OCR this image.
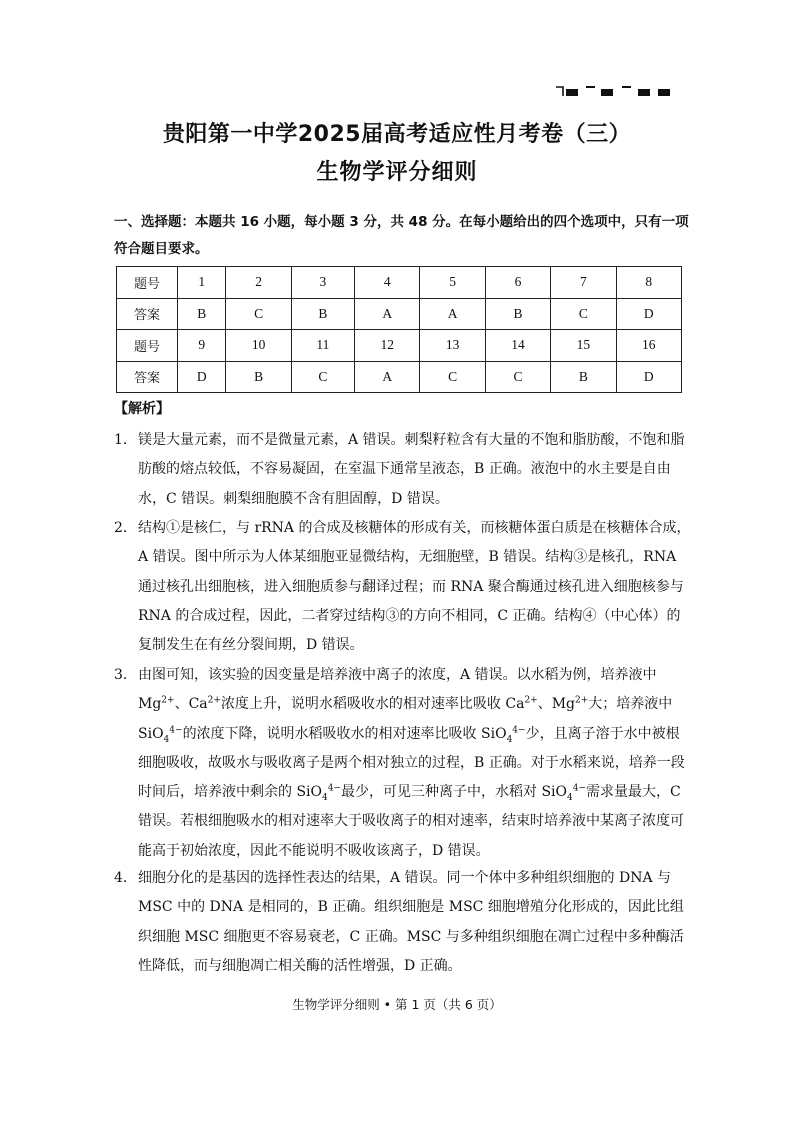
贵阳第一中学2025届高考适应性月考卷（三）
生物学评分细则
一、选择题：本题共 16 小题，每小题 3 分，共 48 分。在每小题给出的四个选项中，只有一项符合题目要求。
题号	1	2	3	4	5	6	7	8
答案	B	C	B	A	A	B	C	D
题号	9	10	11	12	13	14	15	16
答案	D	B	C	A	C	C	B	D
【解析】
1． 镁是大量元素，而不是微量元素，A 错误。刺梨籽粒含有大量的不饱和脂肪酸，不饱和脂肪酸的熔点较低，不容易凝固，在室温下通常呈液态，B 正确。液泡中的水主要是自由水，C 错误。刺梨细胞膜不含有胆固醇，D 错误。
2． 结构①是核仁，与 rRNA 的合成及核糖体的形成有关，而核糖体蛋白质是在核糖体合成，A 错误。图中所示为人体某细胞亚显微结构，无细胞壁，B 错误。结构③是核孔，RNA 通过核孔出细胞核，进入细胞质参与翻译过程；而 RNA 聚合酶通过核孔进入细胞核参与 RNA 的合成过程，因此，二者穿过结构③的方向不相同，C 正确。结构④（中心体）的复制发生在有丝分裂间期，D 错误。
3． 由图可知，该实验的因变量是培养液中离子的浓度，A 错误。以水稻为例，培养液中 $Mg^{2+}$、$Ca^{2+}$浓度上升，说明水稻吸收水的相对速率比吸收 $Ca^{2+}$、$Mg^{2+}$大；培养液中 SiO$_4^{4-}$的浓度下降，说明水稻吸收水的相对速率比吸收 SiO$_4^{4-}$少，且离子溶于水中被根细胞吸收，故吸水与吸收离子是两个相对独立的过程，B 正确。对于水稻来说，培养一段时间后，培养液中剩余的 SiO$_4^{4-}$最少，可见三种离子中，水稻对 SiO$_4^{4-}$需求量最大，C 错误。若根细胞吸水的相对速率大于吸收离子的相对速率，结束时培养液中某离子浓度可能高于初始浓度，因此不能说明不吸收该离子，D 错误。
4． 细胞分化的是基因的选择性表达的结果，A 错误。同一个体中多种组织细胞的 DNA 与 MSC 中的 DNA 是相同的，B 正确。组织细胞是 MSC 细胞增殖分化形成的，因此比组织细胞 MSC 细胞更不容易衰老，C 正确。MSC 与多种组织细胞在凋亡过程中多种酶活性降低，而与细胞凋亡相关酶的活性增强，D 正确。
生物学评分细则 • 第 1 页（共 6 页）
